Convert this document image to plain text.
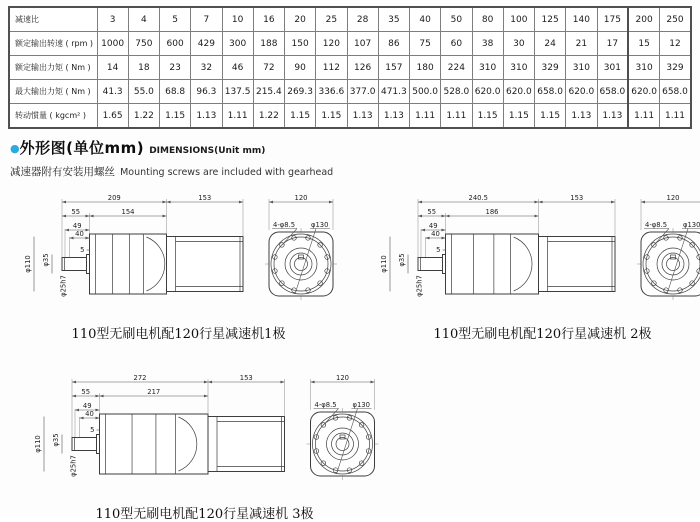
减速比	3	4	5	7	10	16	20	25	28	35	40	50	80	100	125	140	175	200	250
额定输出转速 ( rpm )	1000	750	600	429	300	188	150	120	107	86	75	60	38	30	24	21	17	15	12
额定输出力矩 ( Nm )	14	18	23	32	46	72	90	112	126	157	180	224	310	310	329	310	301	310	329
最大输出力矩 ( Nm )	41.3	55.0	68.8	96.3	137.5	215.4	269.3	336.6	377.0	471.3	500.0	528.0	620.0	620.0	658.0	620.0	658.0	620.0	658.0
转动惯量 ( kgcm² )	1.65	1.22	1.15	1.13	1.11	1.22	1.15	1.15	1.13	1.13	1.11	1.11	1.15	1.15	1.15	1.13	1.13	1.11	1.11
●外形图(单位mm) DIMENSIONS(Unit mm)
减速器附有安装用螺丝 Mounting screws are included with gearhead
209	153
55	154
49
40
5
φ110 φ35
φ25h7
120
4-φ8.5 φ130
110型无刷电机配120行星减速机1极
240.5	153
55	186
49
40
5
φ110 φ35
φ25h7
120
4-φ8.5 φ130
110型无刷电机配120行星减速机 2极
272	153
55	217
49
40
5
φ110 φ35
φ25h7
120
4-φ8.5 φ130
110型无刷电机配120行星减速机 3极
